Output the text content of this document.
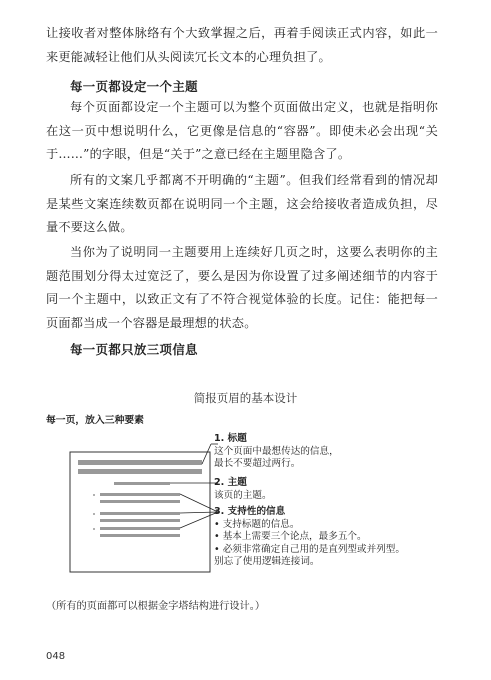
让接收者对整体脉络有个大致掌握之后，再着手阅读正式内容，如此一来更能减轻让他们从头阅读冗长文本的心理负担了。

每一页都设定一个主题

每个页面都设定一个主题可以为整个页面做出定义，也就是指明你在这一页中想说明什么，它更像是信息的“容器”。即使未必会出现“关于……”的字眼，但是“关于”之意已经在主题里隐含了。

所有的文案几乎都离不开明确的“主题”。但我们经常看到的情况却是某些文案连续数页都在说明同一个主题，这会给接收者造成负担，尽量不要这么做。

当你为了说明同一主题要用上连续好几页之时，这要么表明你的主题范围划分得太过宽泛了，要么是因为你设置了过多阐述细节的内容于同一个主题中，以致正文有了不符合视觉体验的长度。记住：能把每一页面都当成一个容器是最理想的状态。

每一页都只放三项信息

简报页眉的基本设计
每一页，放入三种要素
1. 标题
这个页面中最想传达的信息，
最长不要超过两行。
2. 主题
该页的主题。
3. 支持性的信息
• 支持标题的信息。
• 基本上需要三个论点，最多五个。
• 必须非常确定自己用的是直列型或并列型。
别忘了使用逻辑连接词。
（所有的页面都可以根据金字塔结构进行设计。）
048
